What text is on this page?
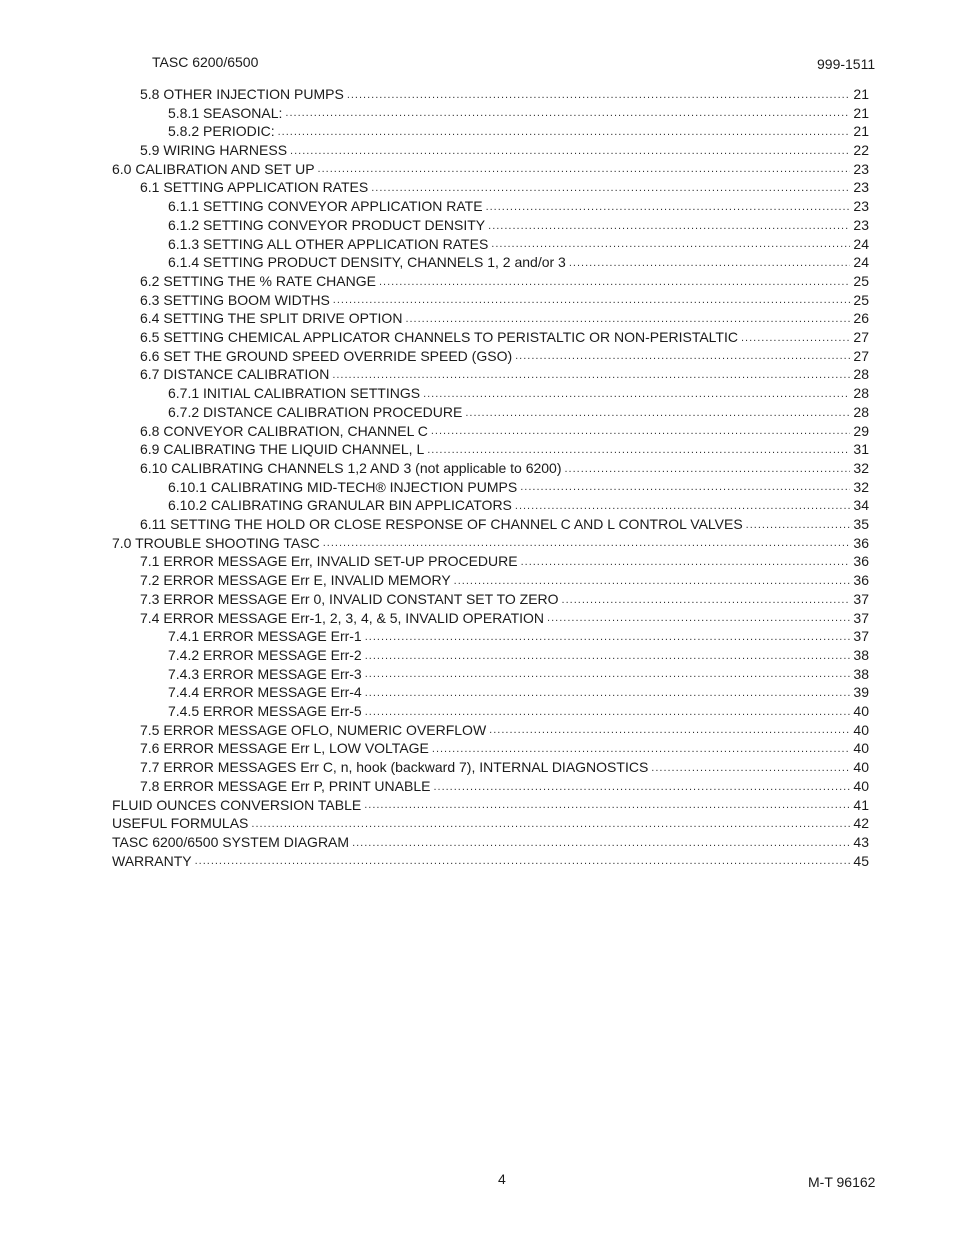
TASC 6200/6500	999-1511
5.8 OTHER INJECTION PUMPS .....	21
5.8.1 SEASONAL: .....	21
5.8.2 PERIODIC: .....	21
5.9 WIRING HARNESS .....	22
6.0 CALIBRATION AND SET UP .....	23
6.1 SETTING APPLICATION RATES .....	23
6.1.1 SETTING CONVEYOR APPLICATION RATE .....	23
6.1.2 SETTING CONVEYOR PRODUCT DENSITY .....	23
6.1.3 SETTING ALL OTHER APPLICATION RATES .....	24
6.1.4 SETTING PRODUCT DENSITY, CHANNELS 1, 2 and/or 3 .....	24
6.2 SETTING THE % RATE CHANGE .....	25
6.3 SETTING BOOM WIDTHS .....	25
6.4 SETTING THE SPLIT DRIVE OPTION .....	26
6.5 SETTING CHEMICAL APPLICATOR CHANNELS TO PERISTALTIC OR NON-PERISTALTIC .....	27
6.6 SET THE GROUND SPEED OVERRIDE SPEED (GSO) .....	27
6.7 DISTANCE CALIBRATION .....	28
6.7.1 INITIAL CALIBRATION SETTINGS .....	28
6.7.2 DISTANCE CALIBRATION PROCEDURE .....	28
6.8 CONVEYOR CALIBRATION, CHANNEL C .....	29
6.9 CALIBRATING THE LIQUID CHANNEL, L .....	31
6.10 CALIBRATING CHANNELS 1,2 AND 3 (not applicable to 6200) .....	32
6.10.1 CALIBRATING MID-TECH® INJECTION PUMPS .....	32
6.10.2 CALIBRATING GRANULAR BIN APPLICATORS .....	34
6.11 SETTING THE HOLD OR CLOSE RESPONSE OF CHANNEL C AND L CONTROL VALVES .....	35
7.0 TROUBLE SHOOTING TASC .....	36
7.1 ERROR MESSAGE Err, INVALID SET-UP PROCEDURE .....	36
7.2 ERROR MESSAGE Err E, INVALID MEMORY .....	36
7.3 ERROR MESSAGE Err 0, INVALID CONSTANT SET TO ZERO .....	37
7.4 ERROR MESSAGE Err-1, 2, 3, 4, & 5, INVALID OPERATION .....	37
7.4.1 ERROR MESSAGE Err-1 .....	37
7.4.2 ERROR MESSAGE Err-2 .....	38
7.4.3 ERROR MESSAGE Err-3 .....	38
7.4.4 ERROR MESSAGE Err-4 .....	39
7.4.5 ERROR MESSAGE Err-5 .....	40
7.5 ERROR MESSAGE OFLO, NUMERIC OVERFLOW .....	40
7.6 ERROR MESSAGE Err L, LOW VOLTAGE .....	40
7.7 ERROR MESSAGES Err C, n, hook (backward 7), INTERNAL DIAGNOSTICS .....	40
7.8 ERROR MESSAGE Err P, PRINT UNABLE .....	40
FLUID OUNCES CONVERSION TABLE .....	41
USEFUL FORMULAS .....	42
TASC 6200/6500 SYSTEM DIAGRAM .....	43
WARRANTY .....	45
4	M-T 96162
